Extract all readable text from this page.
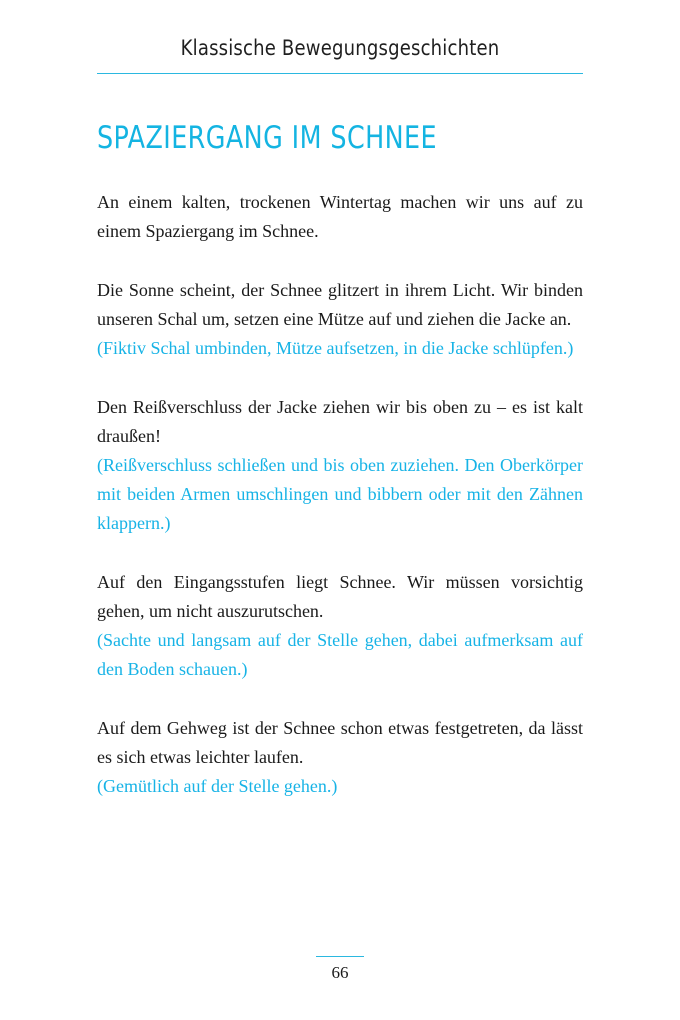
Klassische Bewegungsgeschichten
SPAZIERGANG IM SCHNEE
An einem kalten, trockenen Wintertag machen wir uns auf zu einem Spaziergang im Schnee.
Die Sonne scheint, der Schnee glitzert in ihrem Licht. Wir binden unseren Schal um, setzen eine Mütze auf und ziehen die Jacke an.
(Fiktiv Schal umbinden, Mütze aufsetzen, in die Jacke schlüpfen.)
Den Reißverschluss der Jacke ziehen wir bis oben zu – es ist kalt draußen!
(Reißverschluss schließen und bis oben zuziehen. Den Oberkörper mit beiden Armen umschlingen und bibbern oder mit den Zähnen klappern.)
Auf den Eingangsstufen liegt Schnee. Wir müssen vorsichtig gehen, um nicht auszurutschen.
(Sachte und langsam auf der Stelle gehen, dabei aufmerksam auf den Boden schauen.)
Auf dem Gehweg ist der Schnee schon etwas festgetreten, da lässt es sich etwas leichter laufen.
(Gemütlich auf der Stelle gehen.)
66
